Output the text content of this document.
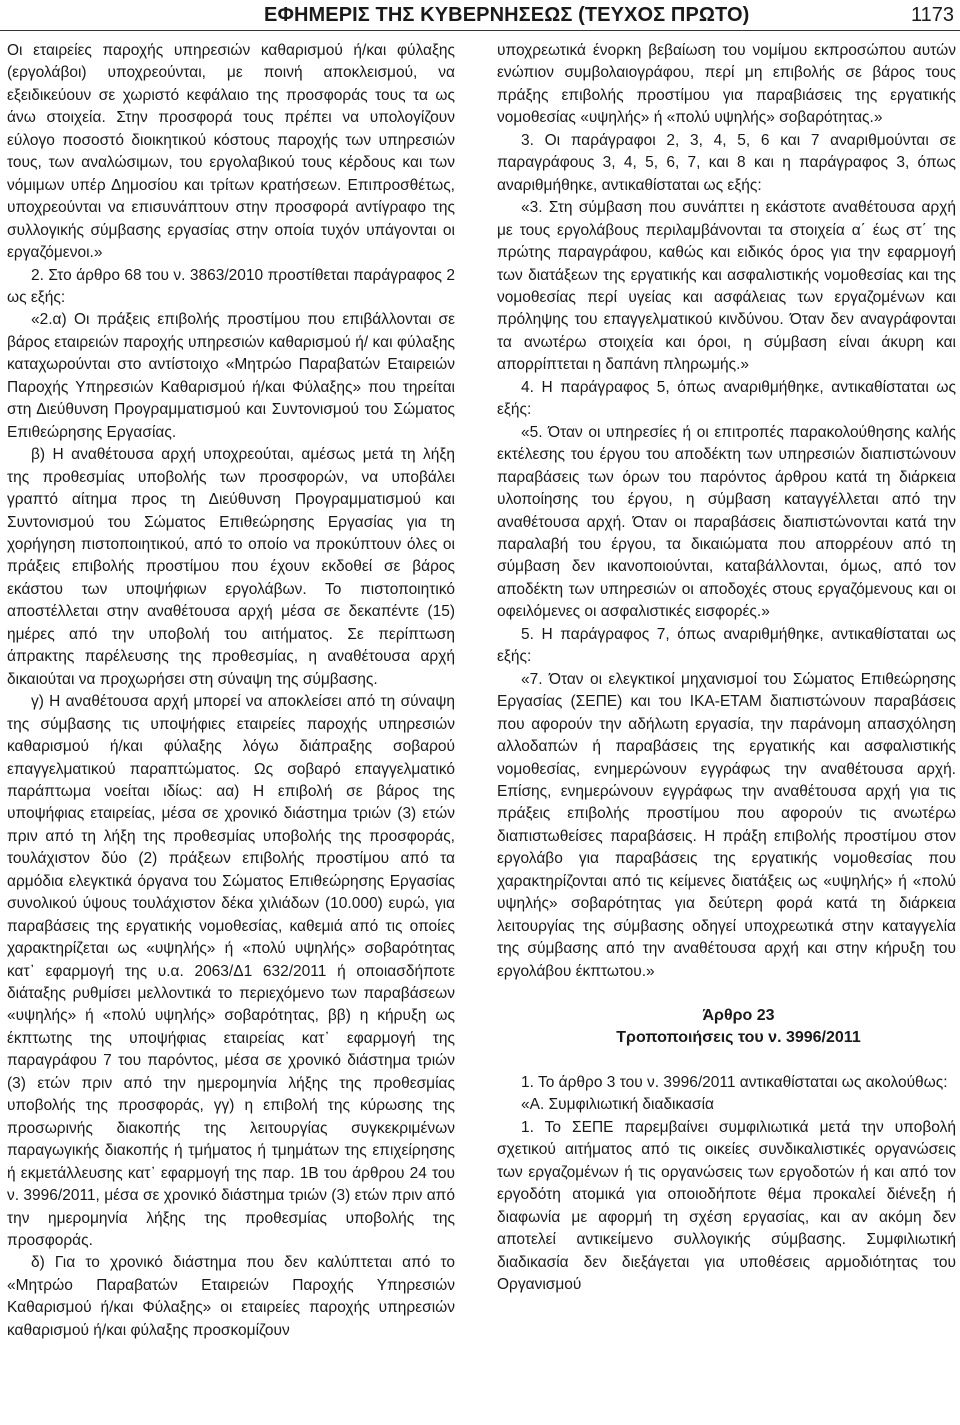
ΕΦΗΜΕΡΙΣ ΤΗΣ ΚΥΒΕΡΝΗΣΕΩΣ (ΤΕΥΧΟΣ ΠΡΩΤΟ)	1173

Οι εταιρείες παροχής υπηρεσιών καθαρισμού ή/και φύλαξης (εργολάβοι) υποχρεούνται, με ποινή αποκλεισμού, να εξειδικεύουν σε χωριστό κεφάλαιο της προσφοράς τους τα ως άνω στοιχεία. Στην προσφορά τους πρέπει να υπολογίζουν εύλογο ποσοστό διοικητικού κόστους παροχής των υπηρεσιών τους, των αναλώσιμων, του εργολαβικού τους κέρδους και των νόμιμων υπέρ Δημοσίου και τρίτων κρατήσεων. Επιπροσθέτως, υποχρεούνται να επισυνάπτουν στην προσφορά αντίγραφο της συλλογικής σύμβασης εργασίας στην οποία τυχόν υπάγονται οι εργαζόμενοι.»

2. Στο άρθρο 68 του ν. 3863/2010 προστίθεται παράγραφος 2 ως εξής:

«2.α) Οι πράξεις επιβολής προστίμου που επιβάλλονται σε βάρος εταιρειών παροχής υπηρεσιών καθαρισμού ή/ και φύλαξης καταχωρούνται στο αντίστοιχο «Μητρώο Παραβατών Εταιρειών Παροχής Υπηρεσιών Καθαρισμού ή/και Φύλαξης» που τηρείται στη Διεύθυνση Προγραμματισμού και Συντονισμού του Σώματος Επιθεώρησης Εργασίας.

β) Η αναθέτουσα αρχή υποχρεούται, αμέσως μετά τη λήξη της προθεσμίας υποβολής των προσφορών, να υποβάλει γραπτό αίτημα προς τη Διεύθυνση Προγραμματισμού και Συντονισμού του Σώματος Επιθεώρησης Εργασίας για τη χορήγηση πιστοποιητικού, από το οποίο να προκύπτουν όλες οι πράξεις επιβολής προστίμου που έχουν εκδοθεί σε βάρος εκάστου των υποψήφιων εργολάβων. Το πιστοποιητικό αποστέλλεται στην αναθέτουσα αρχή μέσα σε δεκαπέντε (15) ημέρες από την υποβολή του αιτήματος. Σε περίπτωση άπρακτης παρέλευσης της προθεσμίας, η αναθέτουσα αρχή δικαιούται να προχωρήσει στη σύναψη της σύμβασης.

γ) Η αναθέτουσα αρχή μπορεί να αποκλείσει από τη σύναψη της σύμβασης τις υποψήφιες εταιρείες παροχής υπηρεσιών καθαρισμού ή/και φύλαξης λόγω διάπραξης σοβαρού επαγγελματικού παραπτώματος. Ως σοβαρό επαγγελματικό παράπτωμα νοείται ιδίως: αα) Η επιβολή σε βάρος της υποψήφιας εταιρείας, μέσα σε χρονικό διάστημα τριών (3) ετών πριν από τη λήξη της προθεσμίας υποβολής της προσφοράς, τουλάχιστον δύο (2) πράξεων επιβολής προστίμου από τα αρμόδια ελεγκτικά όργανα του Σώματος Επιθεώρησης Εργασίας συνολικού ύψους τουλάχιστον δέκα χιλιάδων (10.000) ευρώ, για παραβάσεις της εργατικής νομοθεσίας, καθεμιά από τις οποίες χαρακτηρίζεται ως «υψηλής» ή «πολύ υψηλής» σοβαρότητας κατ᾽ εφαρμογή της υ.α. 2063/Δ1 632/2011 ή οποιασδήποτε διάταξης ρυθμίσει μελλοντικά το περιεχόμενο των παραβάσεων «υψηλής» ή «πολύ υψηλής» σοβαρότητας, ββ) η κήρυξη ως έκπτωτης της υποψήφιας εταιρείας κατ᾽ εφαρμογή της παραγράφου 7 του παρόντος, μέσα σε χρονικό διάστημα τριών (3) ετών πριν από την ημερομηνία λήξης της προθεσμίας υποβολής της προσφοράς, γγ) η επιβολή της κύρωσης της προσωρινής διακοπής της λειτουργίας συγκεκριμένων παραγωγικής διακοπής ή τμήματος ή τμημάτων της επιχείρησης ή εκμετάλλευσης κατ᾽ εφαρμογή της παρ. 1Β του άρθρου 24 του ν. 3996/2011, μέσα σε χρονικό διάστημα τριών (3) ετών πριν από την ημερομηνία λήξης της προθεσμίας υποβολής της προσφοράς.

δ) Για το χρονικό διάστημα που δεν καλύπτεται από το «Μητρώο Παραβατών Εταιρειών Παροχής Υπηρεσιών Καθαρισμού ή/και Φύλαξης» οι εταιρείες παροχής υπηρεσιών καθαρισμού ή/και φύλαξης προσκομίζουν

υποχρεωτικά ένορκη βεβαίωση του νομίμου εκπροσώπου αυτών ενώπιον συμβολαιογράφου, περί μη επιβολής σε βάρος τους πράξης επιβολής προστίμου για παραβιάσεις της εργατικής νομοθεσίας «υψηλής» ή «πολύ υψηλής» σοβαρότητας.»

3. Οι παράγραφοι 2, 3, 4, 5, 6 και 7 αναριθμούνται σε παραγράφους 3, 4, 5, 6, 7, και 8 και η παράγραφος 3, όπως αναριθμήθηκε, αντικαθίσταται ως εξής:

«3. Στη σύμβαση που συνάπτει η εκάστοτε αναθέτουσα αρχή με τους εργολάβους περιλαμβάνονται τα στοιχεία α΄ έως στ΄ της πρώτης παραγράφου, καθώς και ειδικός όρος για την εφαρμογή των διατάξεων της εργατικής και ασφαλιστικής νομοθεσίας και της νομοθεσίας περί υγείας και ασφάλειας των εργαζομένων και πρόληψης του επαγγελματικού κινδύνου. Όταν δεν αναγράφονται τα ανωτέρω στοιχεία και όροι, η σύμβαση είναι άκυρη και απορρίπτεται η δαπάνη πληρωμής.»

4. Η παράγραφος 5, όπως αναριθμήθηκε, αντικαθίσταται ως εξής:

«5. Όταν οι υπηρεσίες ή οι επιτροπές παρακολούθησης καλής εκτέλεσης του έργου του αποδέκτη των υπηρεσιών διαπιστώνουν παραβάσεις των όρων του παρόντος άρθρου κατά τη διάρκεια υλοποίησης του έργου, η σύμβαση καταγγέλλεται από την αναθέτουσα αρχή. Όταν οι παραβάσεις διαπιστώνονται κατά την παραλαβή του έργου, τα δικαιώματα που απορρέουν από τη σύμβαση δεν ικανοποιούνται, καταβάλλονται, όμως, από τον αποδέκτη των υπηρεσιών οι αποδοχές στους εργαζόμενους και οι οφειλόμενες οι ασφαλιστικές εισφορές.»

5. Η παράγραφος 7, όπως αναριθμήθηκε, αντικαθίσταται ως εξής:

«7. Όταν οι ελεγκτικοί μηχανισμοί του Σώματος Επιθεώρησης Εργασίας (ΣΕΠΕ) και του ΙΚΑ-ΕΤΑΜ διαπιστώνουν παραβάσεις που αφορούν την αδήλωτη εργασία, την παράνομη απασχόληση αλλοδαπών ή παραβάσεις της εργατικής και ασφαλιστικής νομοθεσίας, ενημερώνουν εγγράφως την αναθέτουσα αρχή. Επίσης, ενημερώνουν εγγράφως την αναθέτουσα αρχή για τις πράξεις επιβολής προστίμου που αφορούν τις ανωτέρω διαπιστωθείσες παραβάσεις. Η πράξη επιβολής προστίμου στον εργολάβο για παραβάσεις της εργατικής νομοθεσίας που χαρακτηρίζονται από τις κείμενες διατάξεις ως «υψηλής» ή «πολύ υψηλής» σοβαρότητας για δεύτερη φορά κατά τη διάρκεια λειτουργίας της σύμβασης οδηγεί υποχρεωτικά στην καταγγελία της σύμβασης από την αναθέτουσα αρχή και στην κήρυξη του εργολάβου έκπτωτου.»

Άρθρο 23

Τροποποιήσεις του ν. 3996/2011

1. Το άρθρο 3 του ν. 3996/2011 αντικαθίσταται ως ακολούθως:

«Α. Συμφιλιωτική διαδικασία

1. Το ΣΕΠΕ παρεμβαίνει συμφιλιωτικά μετά την υποβολή σχετικού αιτήματος από τις οικείες συνδικαλιστικές οργανώσεις των εργαζομένων ή τις οργανώσεις των εργοδοτών ή και από τον εργοδότη ατομικά για οποιοδήποτε θέμα προκαλεί διένεξη ή διαφωνία με αφορμή τη σχέση εργασίας, και αν ακόμη δεν αποτελεί αντικείμενο συλλογικής σύμβασης. Συμφιλιωτική διαδικασία δεν διεξάγεται για υποθέσεις αρμοδιότητας του Οργανισμού
